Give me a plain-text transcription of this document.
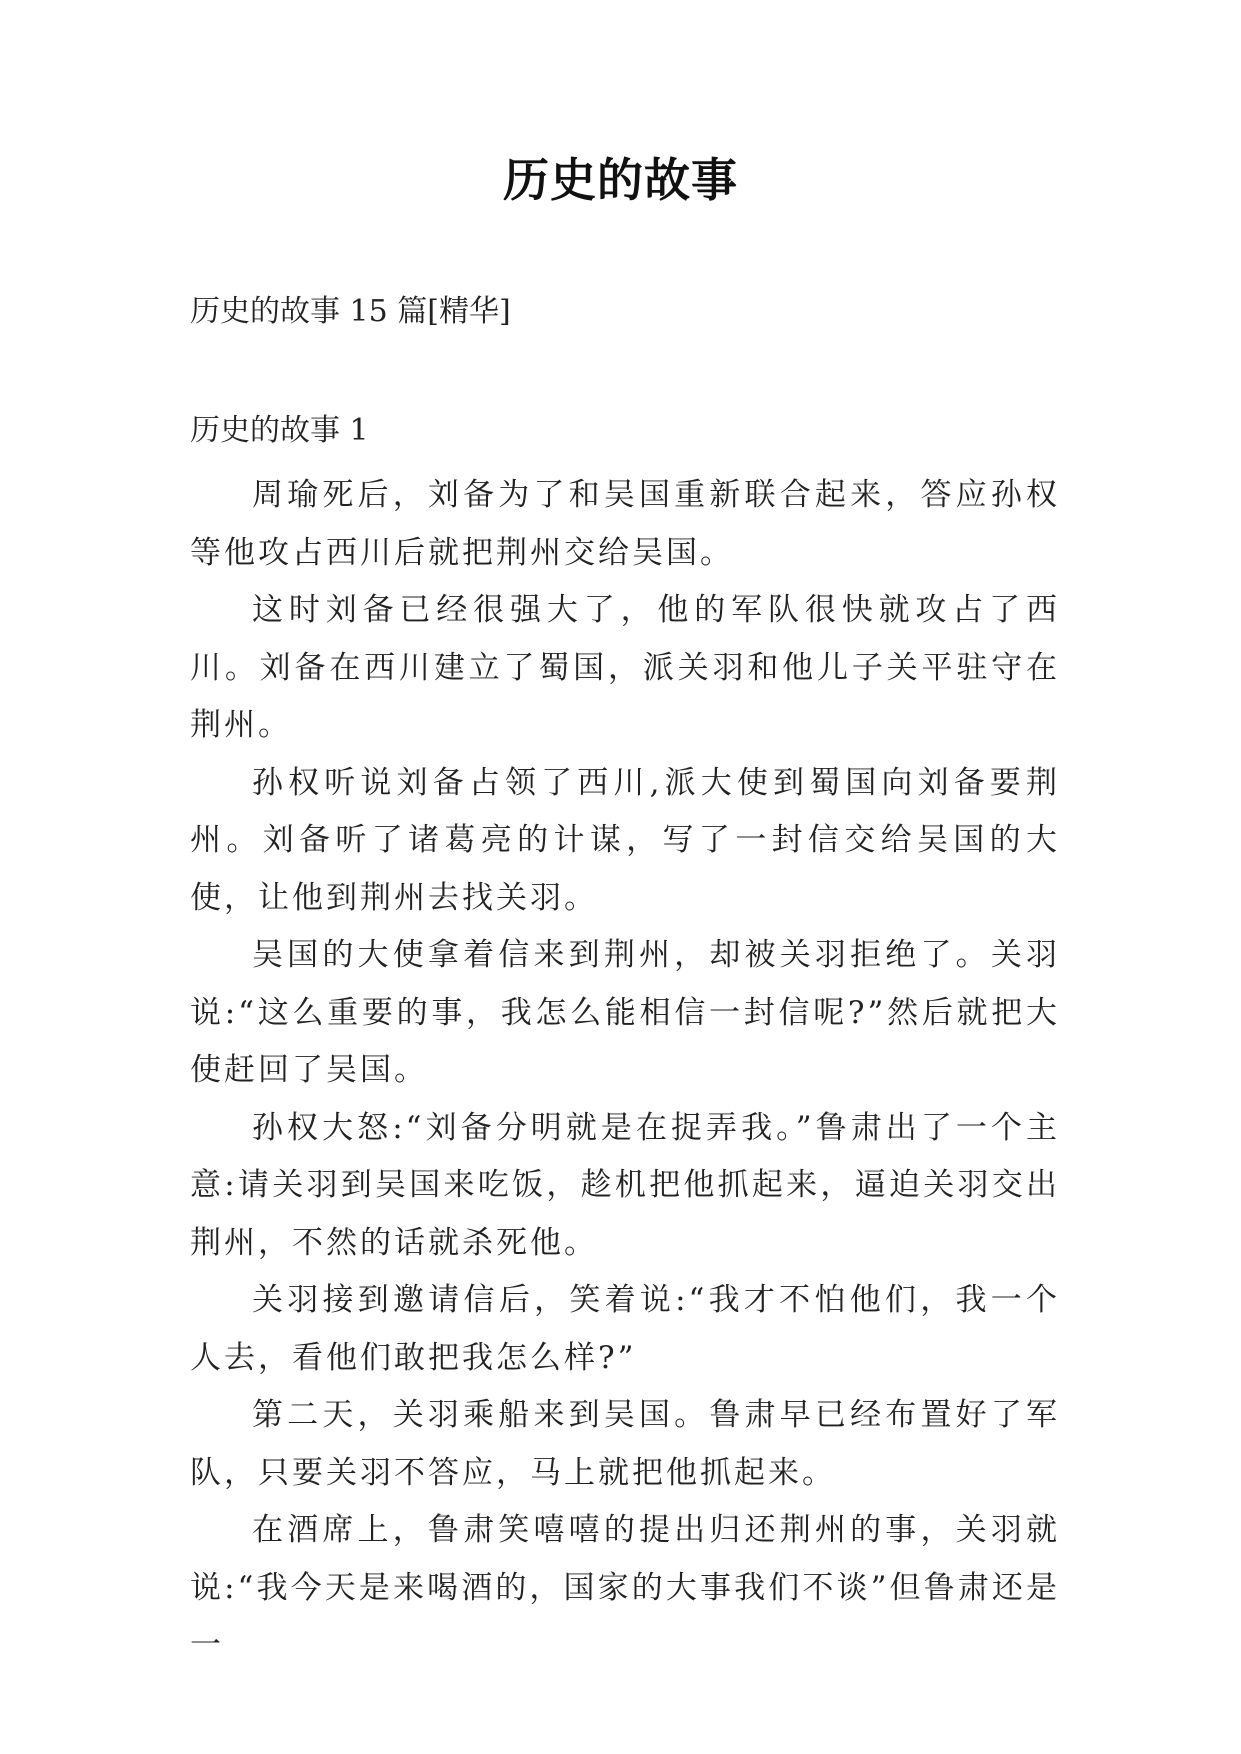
历史的故事
历史的故事 15 篇[精华]
历史的故事 1

周瑜死后，刘备为了和吴国重新联合起来，答应孙权等他攻占西川后就把荆州交给吴国。

这时刘备已经很强大了，他的军队很快就攻占了西川。刘备在西川建立了蜀国，派关羽和他儿子关平驻守在荆州。

孙权听说刘备占领了西川,派大使到蜀国向刘备要荆州。刘备听了诸葛亮的计谋，写了一封信交给吴国的大使，让他到荆州去找关羽。

吴国的大使拿着信来到荆州，却被关羽拒绝了。关羽说:“这么重要的事，我怎么能相信一封信呢?”然后就把大使赶回了吴国。

孙权大怒:“刘备分明就是在捉弄我。”鲁肃出了一个主意:请关羽到吴国来吃饭，趁机把他抓起来，逼迫关羽交出荆州，不然的话就杀死他。

关羽接到邀请信后，笑着说:“我才不怕他们，我一个人去，看他们敢把我怎么样?”

第二天，关羽乘船来到吴国。鲁肃早已经布置好了军队，只要关羽不答应，马上就把他抓起来。

在酒席上，鲁肃笑嘻嘻的提出归还荆州的事，关羽就说:“我今天是来喝酒的，国家的大事我们不谈”但鲁肃还是一
